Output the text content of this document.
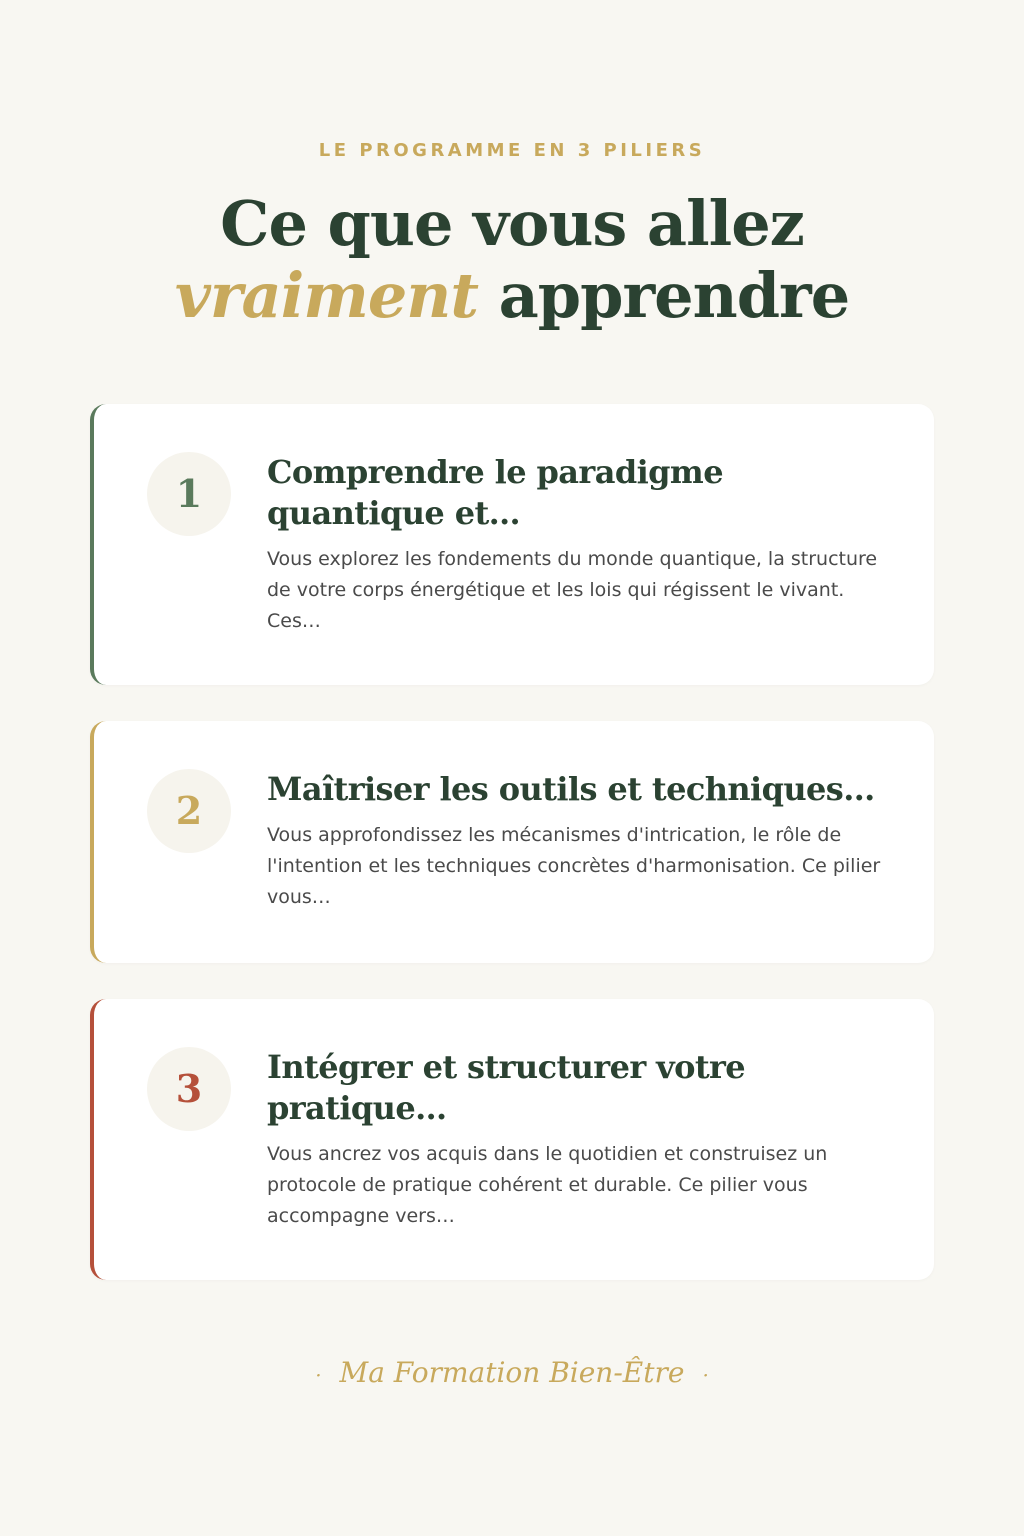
LE PROGRAMME EN 3 PILIERS
Ce que vous allez
vraiment apprendre
1	Comprendre le paradigme quantique et…
Vous explorez les fondements du monde quantique, la structure de votre corps énergétique et les lois qui régissent le vivant. Ces…
2	Maîtriser les outils et techniques…
Vous approfondissez les mécanismes d'intrication, le rôle de l'intention et les techniques concrètes d'harmonisation. Ce pilier vous…
3	Intégrer et structurer votre pratique…
Vous ancrez vos acquis dans le quotidien et construisez un protocole de pratique cohérent et durable. Ce pilier vous accompagne vers…
· Ma Formation Bien-Être ·
